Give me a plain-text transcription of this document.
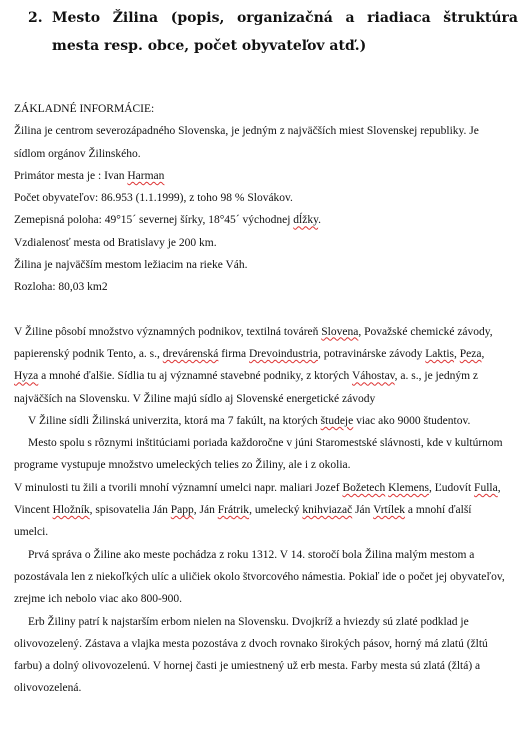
2. Mesto Žilina (popis, organizačná a riadiaca štruktúra mesta resp. obce, počet obyvateľov atď.)

ZÁKLADNÉ INFORMÁCIE:

Žilina je centrom severozápadného Slovenska, je jedným z najväčších miest Slovenskej republiky. Je sídlom orgánov Žilinského.

Primátor mesta je : Ivan Harman

Počet obyvateľov: 86.953 (1.1.1999), z toho 98 % Slovákov.

Zemepisná poloha: 49°15´ severnej šírky, 18°45´ východnej dĺžky.

Vzdialenosť mesta od Bratislavy je 200 km.

Žilina je najväčším mestom ležiacim na rieke Váh.

Rozloha: 80,03 km2

V Žiline pôsobí množstvo významných podnikov, textilná továreň Slovena, Považské chemické závody, papierenský podnik Tento, a. s., drevárenská firma Drevoindustria, potravinárske závody Laktis, Peza, Hyza a mnohé ďalšie. Sídlia tu aj významné stavebné podniky, z ktorých Váhostav, a. s., je jedným z najväčších na Slovensku. V Žiline majú sídlo aj Slovenské energetické závody

V Žiline sídli Žilinská univerzita, ktorá ma 7 fakúlt, na ktorých študeje viac ako 9000 študentov.

Mesto spolu s rôznymi inštitúciami poriada každoročne v júni Staromestské slávnosti, kde v kultúrnom programe vystupuje množstvo umeleckých telies zo Žiliny, ale i z okolia.

V minulosti tu žili a tvorili mnohí významní umelci napr. maliari Jozef Božetech Klemens, Ľudovít Fulla, Vincent Hložník, spisovatelia Ján Papp, Ján Frátrik, umelecký knihviazač Ján Vrtílek a mnohí ďalší umelci.

Prvá správa o Žiline ako meste pochádza z roku 1312. V 14. storočí bola Žilina malým mestom a pozostávala len z niekoľkých ulíc a uličiek okolo štvorcového námestia. Pokiaľ ide o počet jej obyvateľov, zrejme ich nebolo viac ako 800-900.

Erb Žiliny patrí k najstarším erbom nielen na Slovensku. Dvojkríž a hviezdy sú zlaté podklad je olivovozelený. Zástava a vlajka mesta pozostáva z dvoch rovnako širokých pásov, horný má zlatú (žltú farbu) a dolný olivovozelenú. V hornej časti je umiestnený už erb mesta. Farby mesta sú zlatá (žltá) a olivovozelená.
